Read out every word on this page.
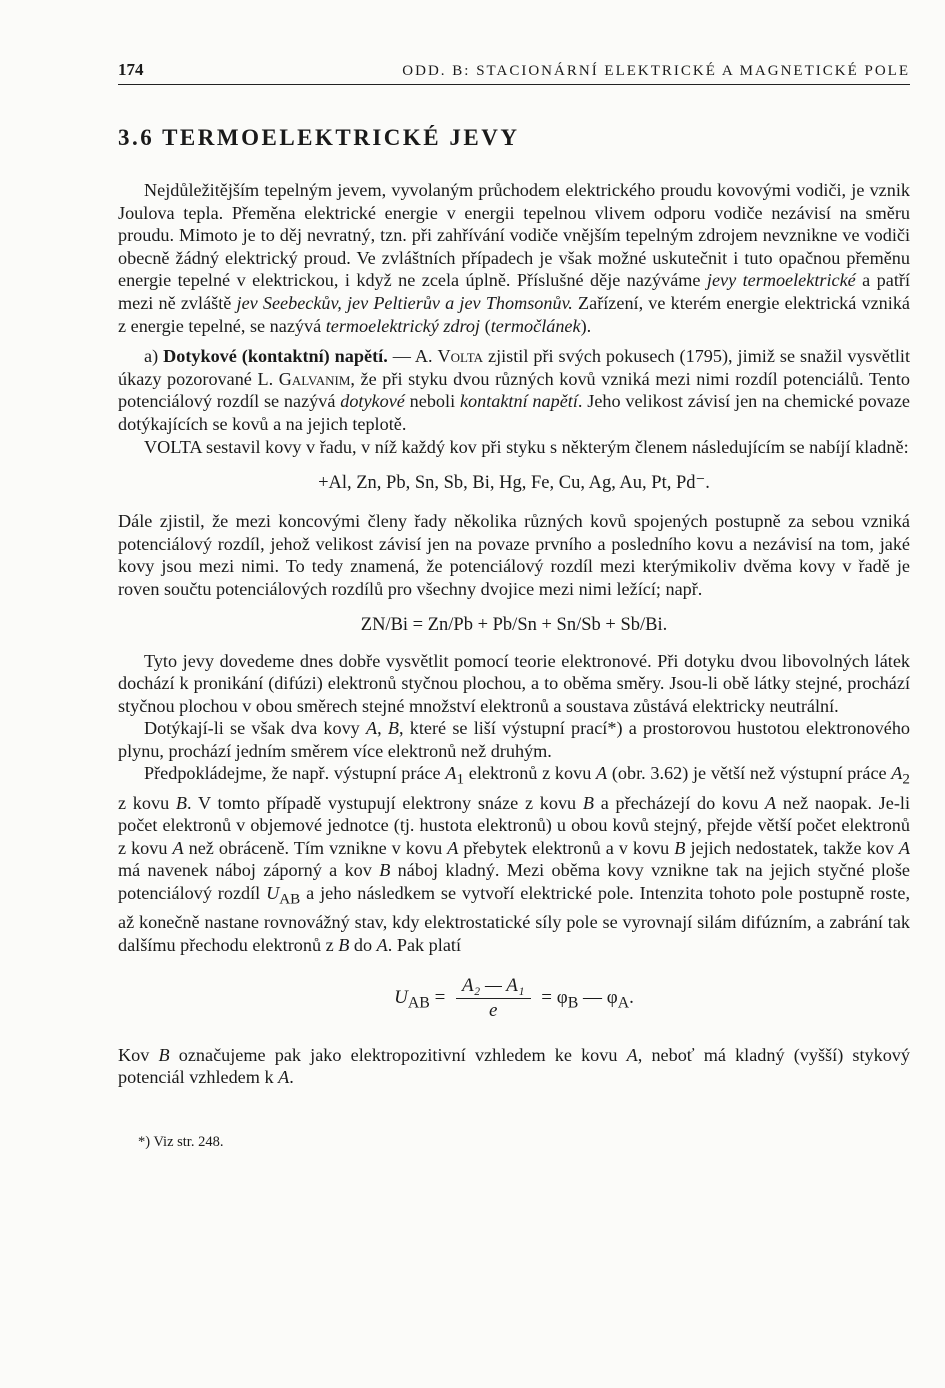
174	ODD. B: STACIONÁRNÍ ELEKTRICKÉ A MAGNETICKÉ POLE
3.6 TERMOELEKTRICKÉ JEVY

Nejdůležitějším tepelným jevem, vyvolaným průchodem elektrického proudu kovovými vodiči, je vznik Joulova tepla. Přeměna elektrické energie v energii tepelnou vlivem odporu vodiče nezávisí na směru proudu. Mimoto je to děj nevratný, tzn. při zahřívání vodiče vnějším tepelným zdrojem nevznikne ve vodiči obecně žádný elektrický proud. Ve zvláštních případech je však možné uskutečnit i tuto opačnou přeměnu energie tepelné v elektrickou, i když ne zcela úplně. Příslušné děje nazýváme jevy termoelektrické a patří mezi ně zvláště jev Seebeckův, jev Peltierův a jev Thomsonův. Zařízení, ve kterém energie elektrická vzniká z energie tepelné, se nazývá termoelektrický zdroj (termočlánek).

a) Dotykové (kontaktní) napětí. — A. Volta zjistil při svých pokusech (1795), jimiž se snažil vysvětlit úkazy pozorované L. Galvanim, že při styku dvou různých kovů vzniká mezi nimi rozdíl potenciálů. Tento potenciálový rozdíl se nazývá dotykové neboli kontaktní napětí. Jeho velikost závisí jen na chemické povaze dotýkajících se kovů a na jejich teplotě.

VOLTA sestavil kovy v řadu, v níž každý kov při styku s některým členem následujícím se nabíjí kladně:

+Al, Zn, Pb, Sn, Sb, Bi, Hg, Fe, Cu, Ag, Au, Pt, Pd⁻.

Dále zjistil, že mezi koncovými členy řady několika různých kovů spojených postupně za sebou vzniká potenciálový rozdíl, jehož velikost závisí jen na povaze prvního a posledního kovu a nezávisí na tom, jaké kovy jsou mezi nimi. To tedy znamená, že potenciálový rozdíl mezi kterýmikoliv dvěma kovy v řadě je roven součtu potenciálových rozdílů pro všechny dvojice mezi nimi ležící; např.

ZN/Bi = Zn/Pb + Pb/Sn + Sn/Sb + Sb/Bi.

Tyto jevy dovedeme dnes dobře vysvětlit pomocí teorie elektronové. Při dotyku dvou libovolných látek dochází k pronikání (difúzi) elektronů styčnou plochou, a to oběma směry. Jsou-li obě látky stejné, prochází styčnou plochou v obou směrech stejné množství elektronů a soustava zůstává elektricky neutrální.

Dotýkají-li se však dva kovy A, B, které se liší výstupní prací*) a prostorovou hustotou elektronového plynu, prochází jedním směrem více elektronů než druhým.

Předpokládejme, že např. výstupní práce $A_1$ elektronů z kovu A (obr. 3.62) je větší než výstupní práce $A_2$ z kovu B. V tomto případě vystupují elektrony snáze z kovu B a přecházejí do kovu A než naopak. Je-li počet elektronů v objemové jednotce (tj. hustota elektronů) u obou kovů stejný, přejde větší počet elektronů z kovu A než obráceně. Tím vznikne v kovu A přebytek elektronů a v kovu B jejich nedostatek, takže kov A má navenek náboj záporný a kov B náboj kladný. Mezi oběma kovy vznikne tak na jejich styčné ploše potenciálový rozdíl $U_{AB}$ a jeho následkem se vytvoří elektrické pole. Intenzita tohoto pole postupně roste, až konečně nastane rovnovážný stav, kdy elektrostatické síly pole se vyrovnají silám difúzním, a zabrání tak dalšímu přechodu elektronů z B do A. Pak platí

$U_{AB} = \frac{\text{A₂ — A₁}}{e} = \varphi_B$ — $\varphi_A$.

Kov B označujeme pak jako elektropozitivní vzhledem ke kovu A, neboť má kladný (vyšší) stykový potenciál vzhledem k A.

*) Viz str. 248.
